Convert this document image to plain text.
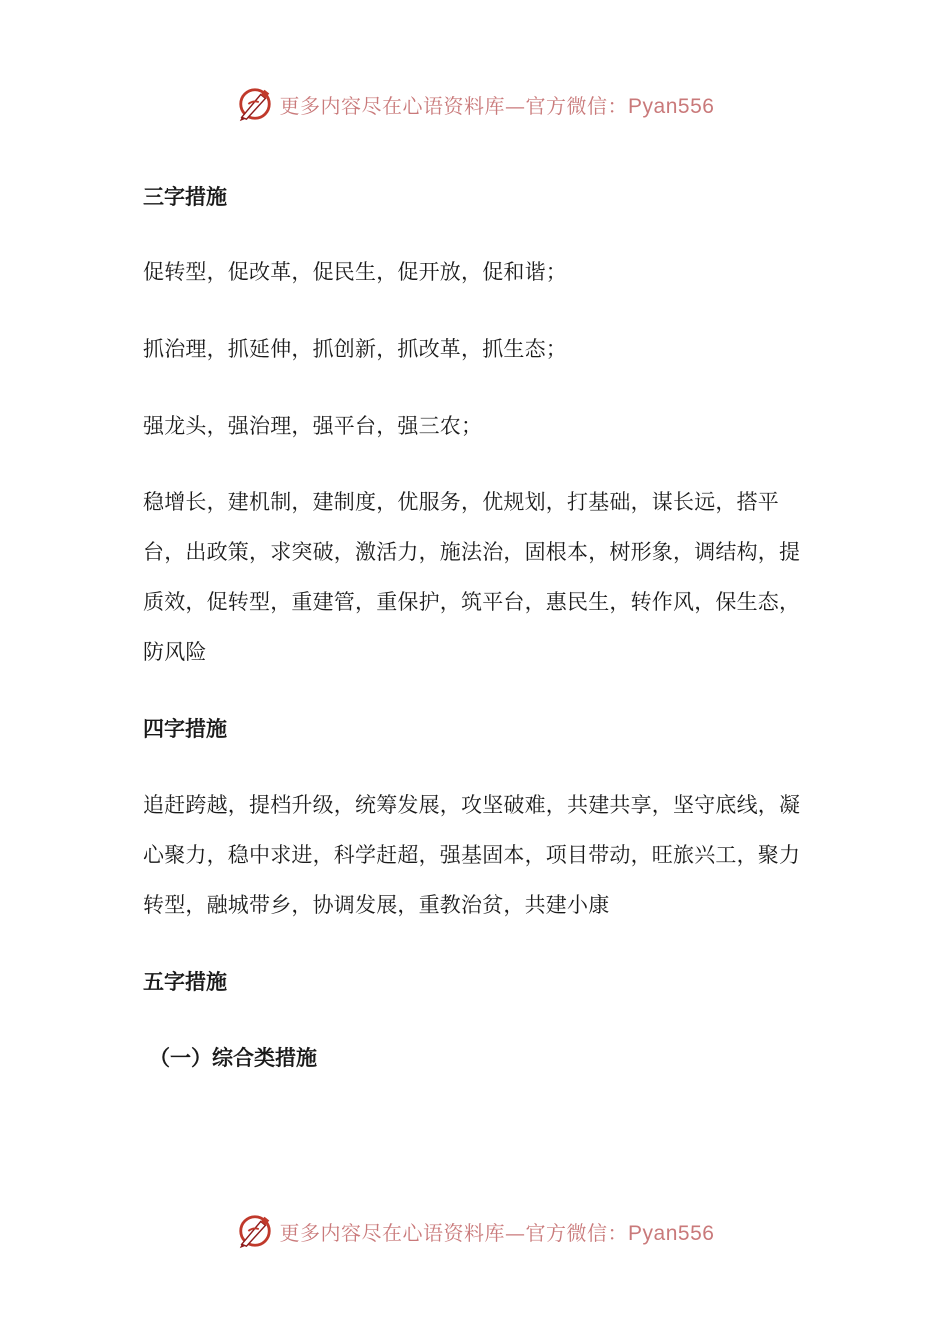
更多内容尽在心语资料库—官方微信：Pyan556
三字措施
促转型，促改革，促民生，促开放，促和谐；
抓治理，抓延伸，抓创新，抓改革，抓生态；
强龙头，强治理，强平台，强三农；
稳增长，建机制，建制度，优服务，优规划，打基础，谋长远，搭平台，出政策，求突破，激活力，施法治，固根本，树形象，调结构，提质效，促转型，重建管，重保护，筑平台，惠民生，转作风，保生态，防风险
四字措施
追赶跨越，提档升级，统筹发展，攻坚破难，共建共享，坚守底线，凝心聚力，稳中求进，科学赶超，强基固本，项目带动，旺旅兴工，聚力转型，融城带乡，协调发展，重教治贫，共建小康
五字措施
（一）综合类措施
更多内容尽在心语资料库—官方微信：Pyan556
